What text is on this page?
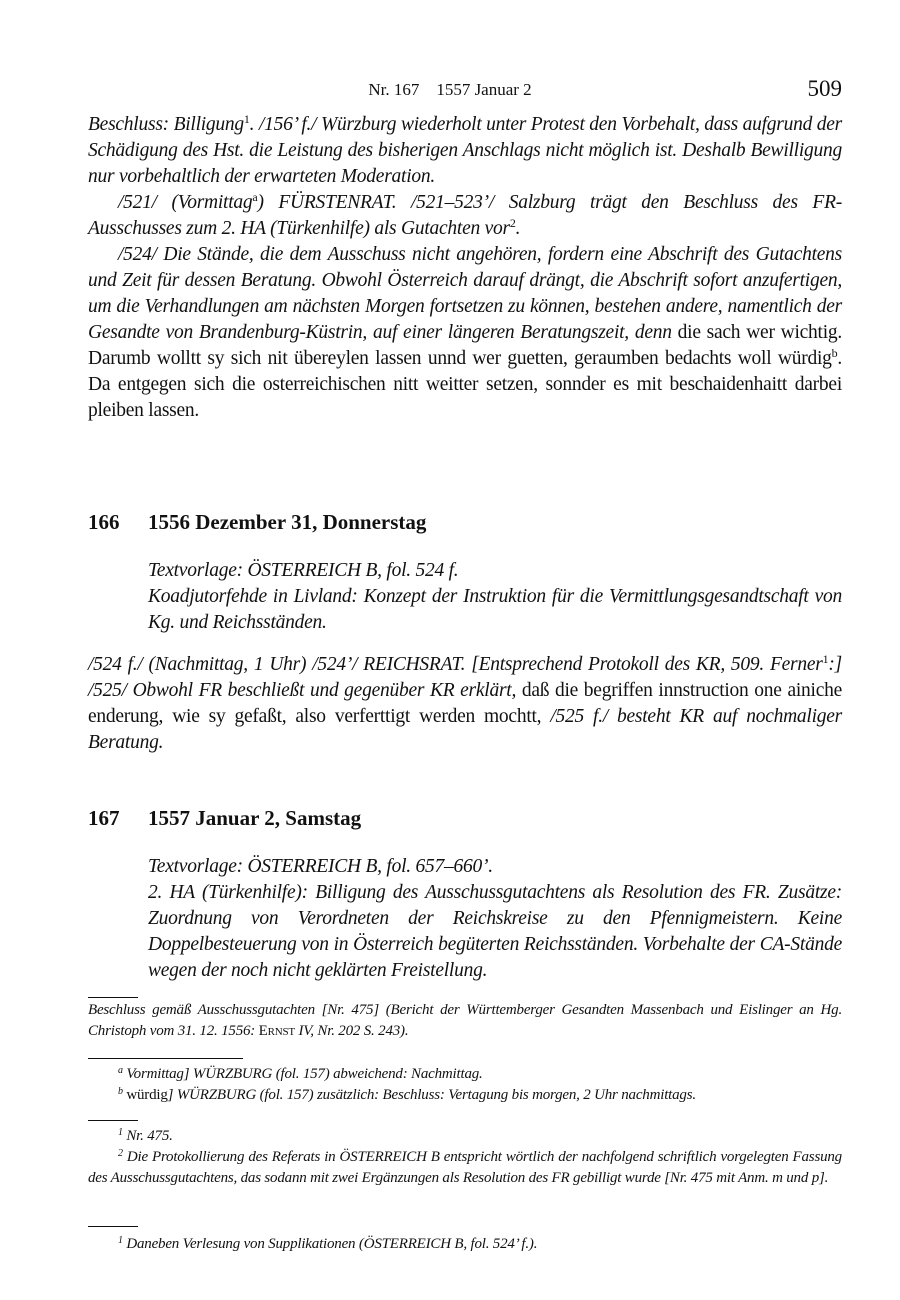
Nr. 167    1557 Januar 2	509

Beschluss: Billigung$^1$. /156’ f./ Würzburg wiederholt unter Protest den Vorbehalt, dass aufgrund der Schädigung des Hst. die Leistung des bisherigen Anschlags nicht möglich ist. Deshalb Bewilligung nur vorbehaltlich der erwarteten Moderation.

/521/ (Vormittag$^a$) FÜRSTENRAT. /521–523’/ Salzburg trägt den Beschluss des FR-Ausschusses zum 2. HA (Türkenhilfe) als Gutachten vor$^2$.

/524/ Die Stände, die dem Ausschuss nicht angehören, fordern eine Abschrift des Gutachtens und Zeit für dessen Beratung. Obwohl Österreich darauf drängt, die Abschrift sofort anzufertigen, um die Verhandlungen am nächsten Morgen fortsetzen zu können, bestehen andere, namentlich der Gesandte von Brandenburg-Küstrin, auf einer längeren Beratungszeit, denn die sach wer wichtig. Darumb wolltt sy sich nit übereylen lassen unnd wer guetten, geraumben bedachts woll würdig$^b$. Da entgegen sich die osterreichischen nitt weitter setzen, sonnder es mit beschaidenhaitt darbei pleiben lassen.

166 1556 Dezember 31, Donnerstag
Textvorlage: ÖSTERREICH B, fol. 524 f.
Koadjutorfehde in Livland: Konzept der Instruktion für die Vermittlungsgesandtschaft von Kg. und Reichsständen.

/524 f./ (Nachmittag, 1 Uhr) /524’/ REICHSRAT. [Entsprechend Protokoll des KR, 509. Ferner$^1$:] /525/ Obwohl FR beschließt und gegenüber KR erklärt, daß die begriffen innstruction one ainiche enderung, wie sy gefaßt, also verferttigt werden mochtt, /525 f./ besteht KR auf nochmaliger Beratung.

167 1557 Januar 2, Samstag
Textvorlage: ÖSTERREICH B, fol. 657–660’.
2. HA (Türkenhilfe): Billigung des Ausschussgutachtens als Resolution des FR. Zusätze: Zuordnung von Verordneten der Reichskreise zu den Pfennigmeistern. Keine Doppelbesteuerung von in Österreich begüterten Reichsständen. Vorbehalte der CA-Stände wegen der noch nicht geklärten Freistellung.

Beschluss gemäß Ausschussgutachten [Nr. 475] (Bericht der Württemberger Gesandten Massenbach und Eislinger an Hg. Christoph vom 31. 12. 1556: Ernst IV, Nr. 202 S. 243).

$^a$ Vormittag] WÜRZBURG (fol. 157) abweichend: Nachmittag.

$^b$ würdig] WÜRZBURG (fol. 157) zusätzlich: Beschluss: Vertagung bis morgen, 2 Uhr nachmittags.

$^1$ Nr. 475.

$^2$ Die Protokollierung des Referats in ÖSTERREICH B entspricht wörtlich der nachfolgend schriftlich vorgelegten Fassung des Ausschussgutachtens, das sodann mit zwei Ergänzungen als Resolution des FR gebilligt wurde [Nr. 475 mit Anm. m und p].

$^1$ Daneben Verlesung von Supplikationen (ÖSTERREICH B, fol. 524’ f.).
